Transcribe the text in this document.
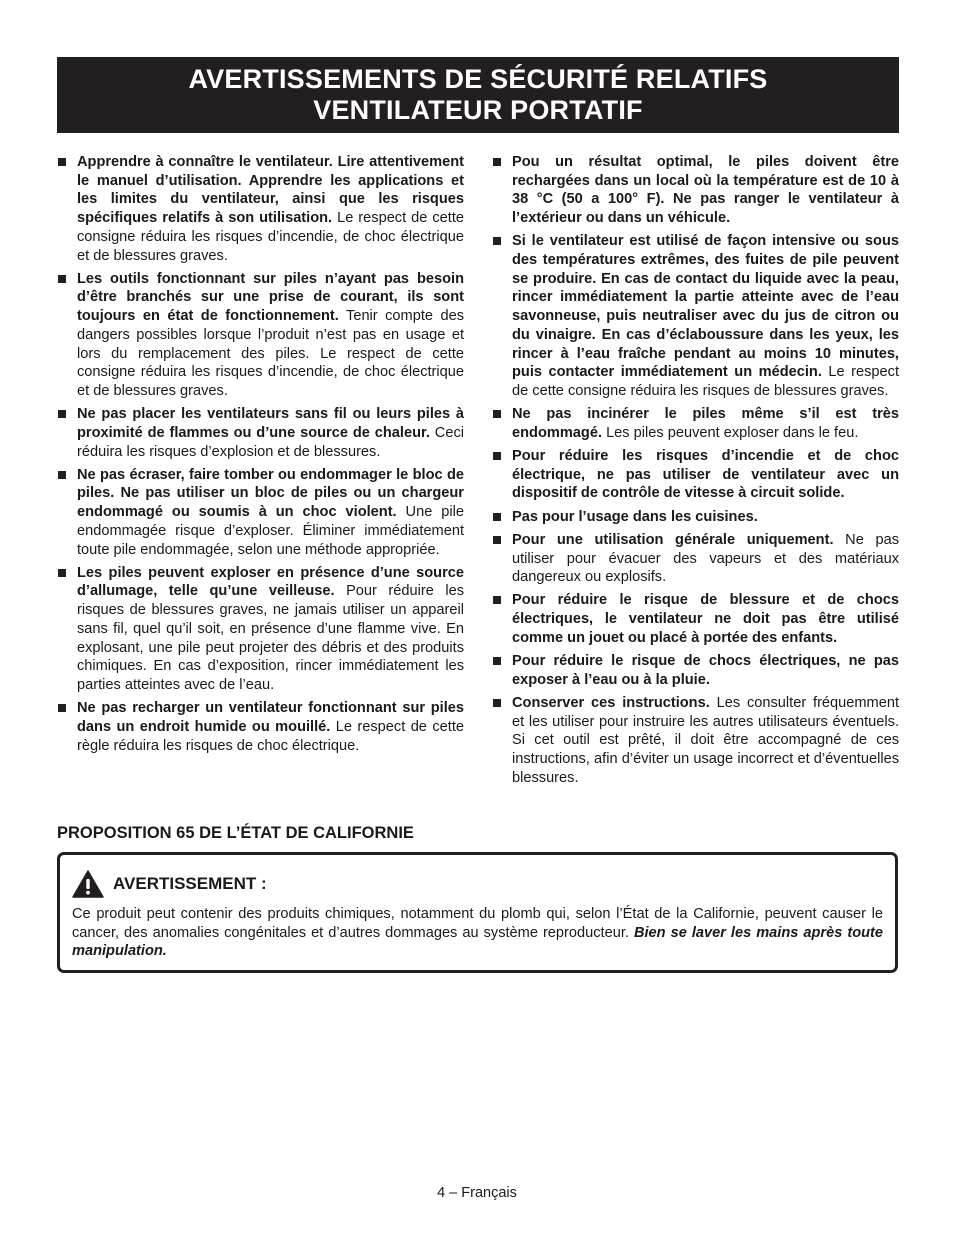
AVERTISSEMENTS DE SÉCURITÉ RELATIFS
VENTILATEUR PORTATIF
Apprendre à connaître le ventilateur. Lire attentivement le manuel d’utilisation. Apprendre les applications et les limites du ventilateur, ainsi que les risques spécifiques relatifs à son utilisation. Le respect de cette consigne réduira les risques d’incendie, de choc électrique et de blessures graves.
Les outils fonctionnant sur piles n’ayant pas besoin d’être branchés sur une prise de courant, ils sont toujours en état de fonctionnement. Tenir compte des dangers possibles lorsque l’produit n’est pas en usage et lors du remplacement des piles. Le respect de cette consigne réduira les risques d’incendie, de choc électrique et de blessures graves.
Ne pas placer les ventilateurs sans fil ou leurs piles à proximité de flammes ou d’une source de chaleur. Ceci réduira les risques d’explosion et de blessures.
Ne pas écraser, faire tomber ou endommager le bloc de piles. Ne pas utiliser un bloc de piles ou un chargeur endommagé ou soumis à un choc violent. Une pile endommagée risque d’exploser. Éliminer immédiatement toute pile endommagée, selon une méthode appropriée.
Les piles peuvent exploser en présence d’une source d’allumage, telle qu’une veilleuse. Pour réduire les risques de blessures graves, ne jamais utiliser un appareil sans fil, quel qu’il soit, en présence d’une flamme vive. En explosant, une pile peut projeter des débris et des produits chimiques. En cas d’exposition, rincer immédiatement les parties atteintes avec de l’eau.
Ne pas recharger un ventilateur fonctionnant sur piles dans un endroit humide ou mouillé. Le respect de cette règle réduira les risques de choc électrique.
Pou un résultat optimal, le piles doivent être rechargées dans un local où la température est de 10 à 38 °C (50 a 100° F). Ne pas ranger le ventilateur à l’extérieur ou dans un véhicule.
Si le ventilateur est utilisé de façon intensive ou sous des températures extrêmes, des fuites de pile peuvent se produire. En cas de contact du liquide avec la peau, rincer immédiatement la partie atteinte avec de l’eau savonneuse, puis neutraliser avec du jus de citron ou du vinaigre. En cas d’éclaboussure dans les yeux, les rincer à l’eau fraîche pendant au moins 10 minutes, puis contacter immédiatement un médecin. Le respect de cette consigne réduira les risques de blessures graves.
Ne pas incinérer le piles même s’il est très endommagé. Les piles peuvent exploser dans le feu.
Pour réduire les risques d’incendie et de choc électrique, ne pas utiliser de ventilateur avec un dispositif de contrôle de vitesse à circuit solide.
Pas pour l’usage dans les cuisines.
Pour une utilisation générale uniquement. Ne pas utiliser pour évacuer des vapeurs et des matériaux dangereux ou explosifs.
Pour réduire le risque de blessure et de chocs électriques, le ventilateur ne doit pas être utilisé comme un jouet ou placé à portée des enfants.
Pour réduire le risque de chocs électriques, ne pas exposer à l’eau ou à la pluie.
Conserver ces instructions. Les consulter fréquemment et les utiliser pour instruire les autres utilisateurs éventuels. Si cet outil est prêté, il doit être accompagné de ces instructions, afin d’éviter un usage incorrect et d’éventuelles blessures.
PROPOSITION 65 DE L’ÉTAT DE CALIFORNIE
AVERTISSEMENT :
Ce produit peut contenir des produits chimiques, notamment du plomb qui, selon l’État de la Californie, peuvent causer le cancer, des anomalies congénitales et d’autres dommages au système reproducteur. Bien se laver les mains après toute manipulation.
4 – Français
